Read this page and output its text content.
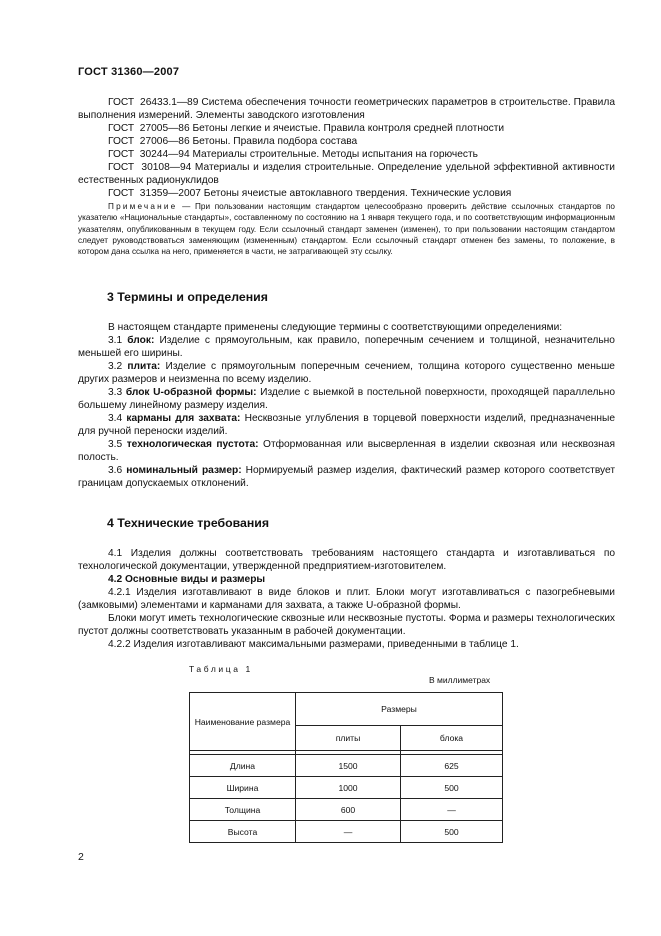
ГОСТ 31360—2007

ГОСТ 26433.1—89 Система обеспечения точности геометрических параметров в строительстве. Правила выполнения измерений. Элементы заводского изготовления

ГОСТ 27005—86 Бетоны легкие и ячеистые. Правила контроля средней плотности

ГОСТ 27006—86 Бетоны. Правила подбора состава

ГОСТ 30244—94 Материалы строительные. Методы испытания на горючесть

ГОСТ 30108—94 Материалы и изделия строительные. Определение удельной эффективной активности естественных радионуклидов

ГОСТ 31359—2007 Бетоны ячеистые автоклавного твердения. Технические условия

Примечание — При пользовании настоящим стандартом целесообразно проверить действие ссылочных стандартов по указателю «Национальные стандарты», составленному по состоянию на 1 января текущего года, и по соответствующим информационным указателям, опубликованным в текущем году. Если ссылочный стандарт заменен (изменен), то при пользовании настоящим стандартом следует руководствоваться заменяющим (измененным) стандартом. Если ссылочный стандарт отменен без замены, то положение, в котором дана ссылка на него, применяется в части, не затрагивающей эту ссылку.
3 Термины и определения

В настоящем стандарте применены следующие термины с соответствующими определениями:

3.1 блок: Изделие с прямоугольным, как правило, поперечным сечением и толщиной, незначительно меньшей его ширины.

3.2 плита: Изделие с прямоугольным поперечным сечением, толщина которого существенно меньше других размеров и неизменна по всему изделию.

3.3 блок U-образной формы: Изделие с выемкой в постельной поверхности, проходящей параллельно большему линейному размеру изделия.

3.4 карманы для захвата: Несквозные углубления в торцевой поверхности изделий, предназначенные для ручной переноски изделий.

3.5 технологическая пустота: Отформованная или высверленная в изделии сквозная или несквозная полость.

3.6 номинальный размер: Нормируемый размер изделия, фактический размер которого соответствует границам допускаемых отклонений.

4 Технические требования

4.1 Изделия должны соответствовать требованиям настоящего стандарта и изготавливаться по технологической документации, утвержденной предприятием-изготовителем.

4.2 Основные виды и размеры

4.2.1 Изделия изготавливают в виде блоков и плит. Блоки могут изготавливаться с пазогребневыми (замковыми) элементами и карманами для захвата, а также U-образной формы.

Блоки могут иметь технологические сквозные или несквозные пустоты. Форма и размеры технологических пустот должны соответствовать указанным в рабочей документации.

4.2.2 Изделия изготавливают максимальными размерами, приведенными в таблице 1.

Таблица 1
В миллиметрах
Наименование размера	Размеры	
	плиты	блока

Длина	1500	625
Ширина	1000	500
Толщина	600	—
Высота	—	500
2
